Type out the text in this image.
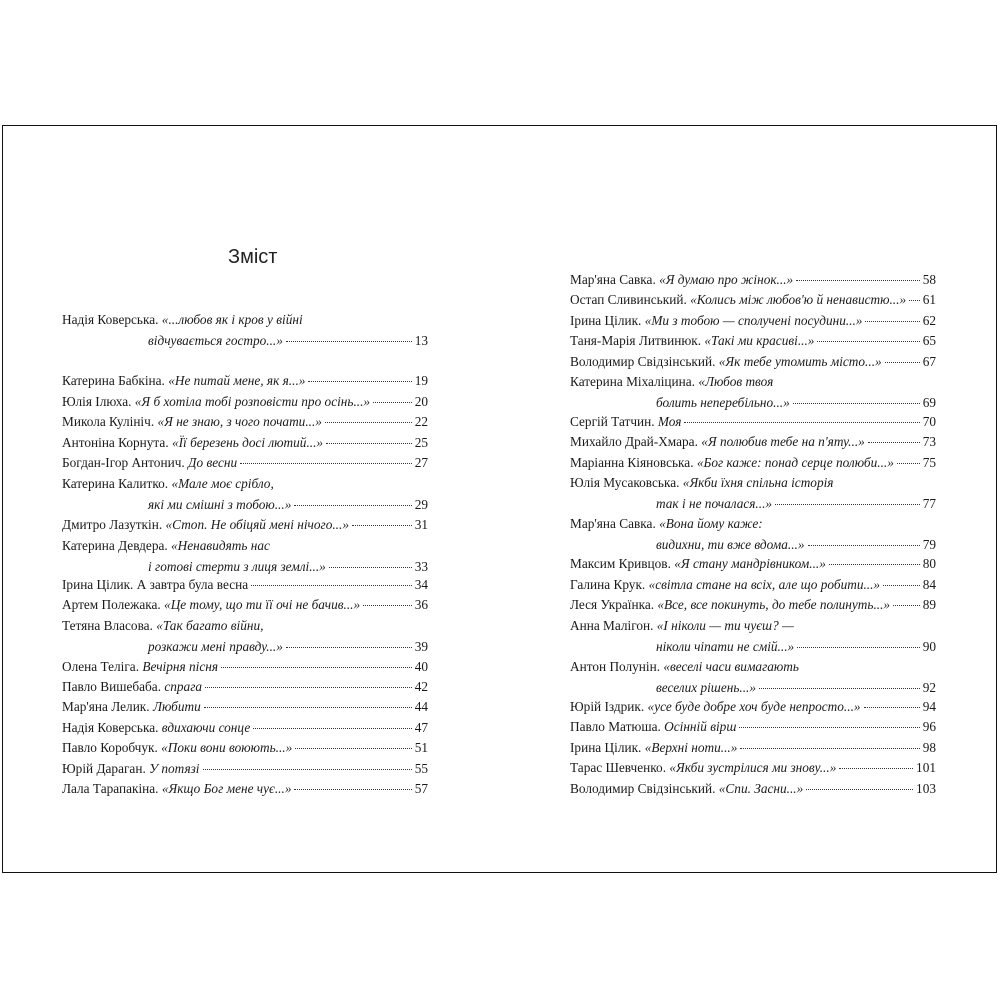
Зміст
Надія Коверська . «...любов як і кров у війні
відчувається гостро...»	13
Катерина Бабкіна . «Не питай мене, як я...»	19
Юлія Ілюха . «Я б хотіла тобі розповісти про осінь...»	20
Микола Кулініч . «Я не знаю, з чого почати...»	22
Антоніна Корнута . «Її березень досі лютий...»	25
Богдан-Ігор Антонич . До весни	27
Катерина Калитко . «Мале моє срібло,
які ми смішні з тобою...»	29
Дмитро Лазуткін . «Стоп. Не обіцяй мені нічого...»	31
Катерина Девдера . «Ненавидять нас
і готові стерти з лиця землі...»	33
Ірина Цілик . А завтра була весна	34
Артем Полежака . «Це тому, що ти її очі не бачив...»	36
Тетяна Власова . «Так багато війни,
розкажи мені правду...»	39
Олена Теліга . Вечірня пісня	40
Павло Вишебаба . спрага	42
Мар'яна Лелик . Любити	44
Надія Коверська . вдихаючи сонце	47
Павло Коробчук . «Поки вони воюють...»	51
Юрій Дараган . У потязі	55
Лала Тарапакіна . «Якщо Бог мене чує...»	57
Мар'яна Савка . «Я думаю про жінок...»	58
Остап Сливинський . «Колись між любов'ю й ненавистю...» 61
Ірина Цілик . «Ми з тобою — сполучені посудини...»	62
Таня-Марія Литвинюк . «Такі ми красиві...»	65
Володимир Свідзінський . «Як тебе утомить місто...»	67
Катерина Міхаліцина . «Любов твоя
болить неперебільно...»	69
Сергій Татчин . Моя	70
Михайло Драй-Хмара . «Я полюбив тебе на п'яту...»	73
Маріанна Кіяновська . «Бог каже: понад серце полюби...» 75
Юлія Мусаковська . «Якби їхня спільна історія
так і не почалася...»	77
Мар'яна Савка . «Вона йому каже:
видихни, ти вже вдома...»	79
Максим Кривцов . «Я стану мандрівником...»	80
Галина Крук . «світла стане на всіх, але що робити...»	84
Леся Українка . «Все, все покинуть, до тебе полинуть...» 89
Анна Малігон . «І ніколи — ти чуєш? —
ніколи чіпати не смій...»	90
Антон Полунін . «веселі часи вимагають
веселих рішень...»	92
Юрій Іздрик . «усе буде добре хоч буде непросто...»	94
Павло Матюша . Осінній вірш	96
Ірина Цілик . «Верхні ноти...»	98
Тарас Шевченко . «Якби зустрілися ми знову...»	101
Володимир Свідзінський . «Спи. Засни...»	103
